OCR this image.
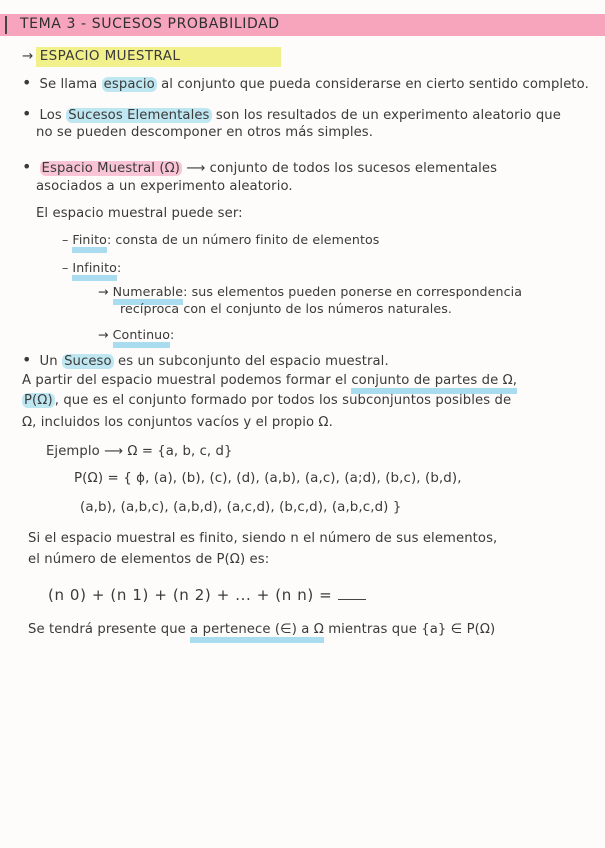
TEMA 3 - SUCESOS PROBABILIDAD
→ ESPACIO MUESTRAL
• Se llama espacio al conjunto que pueda considerarse en cierto sentido completo.
• Los Sucesos Elementales son los resultados de un experimento aleatorio que
no se pueden descomponer en otros más simples.
• Espacio Muestral (Ω) ⟶ conjunto de todos los sucesos elementales
asociados a un experimento aleatorio.
El espacio muestral puede ser:
– Finito: consta de un número finito de elementos
– Infinito:
→ Numerable: sus elementos pueden ponerse en correspondencia
recíproca con el conjunto de los números naturales.
→ Continuo:
• Un Suceso es un subconjunto del espacio muestral.
A partir del espacio muestral podemos formar el conjunto de partes de Ω,
P(Ω) , que es el conjunto formado por todos los subconjuntos posibles de
Ω, incluidos los conjuntos vacíos y el propio Ω.
Ejemplo ⟶ Ω = {a, b, c, d}
P(Ω) = { ϕ, (a), (b), (c), (d), (a,b), (a,c), (a;d), (b,c), (b,d),
(a,b), (a,b,c), (a,b,d), (a,c,d), (b,c,d), (a,b,c,d) }
Si el espacio muestral es finito, siendo n el número de sus elementos,
el número de elementos de P(Ω) es:
(n 0) + (n 1) + (n 2) + ... + (n n) =
Se tendrá presente que a pertenece (∈) a Ω mientras que {a} ∈ P(Ω)
